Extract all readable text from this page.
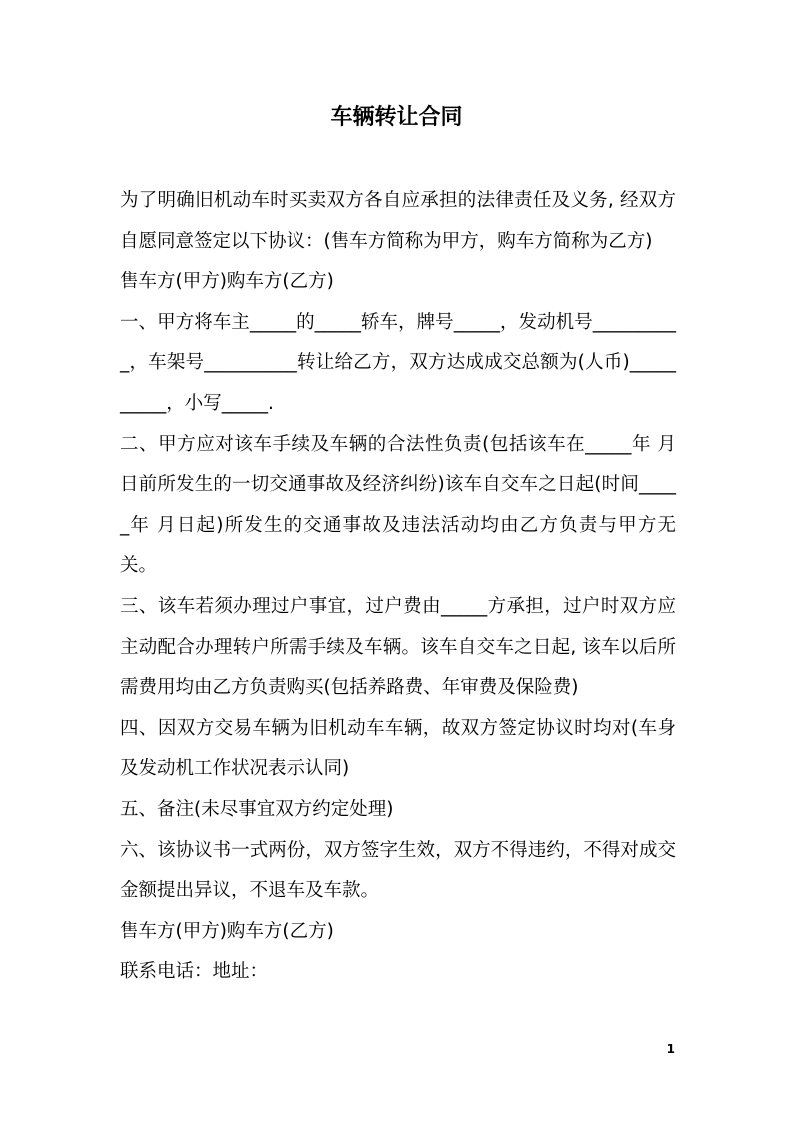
车辆转让合同

为了明确旧机动车时买卖双方各自应承担的法律责任及义务, 经双方自愿同意签定以下协议：(售车方简称为甲方，购车方简称为乙方)

售车方(甲方)购车方(乙方)

一、甲方将车主_____的_____轿车，牌号_____，发动机号__________，车架号__________转让给乙方，双方达成成交总额为(人币)__________，小写_____.

二、甲方应对该车手续及车辆的合法性负责(包括该车在_____年 月日前所发生的一切交通事故及经济纠纷)该车自交车之日起(时间_____年 月日起)所发生的交通事故及违法活动均由乙方负责与甲方无关。

三、该车若须办理过户事宜，过户费由_____方承担，过户时双方应主动配合办理转户所需手续及车辆。该车自交车之日起, 该车以后所需费用均由乙方负责购买(包括养路费、年审费及保险费)

四、因双方交易车辆为旧机动车车辆，故双方签定协议时均对(车身及发动机工作状况表示认同)

五、备注(未尽事宜双方约定处理)

六、该协议书一式两份，双方签字生效，双方不得违约，不得对成交金额提出异议，不退车及车款。

售车方(甲方)购车方(乙方)

联系电话：地址：

1
